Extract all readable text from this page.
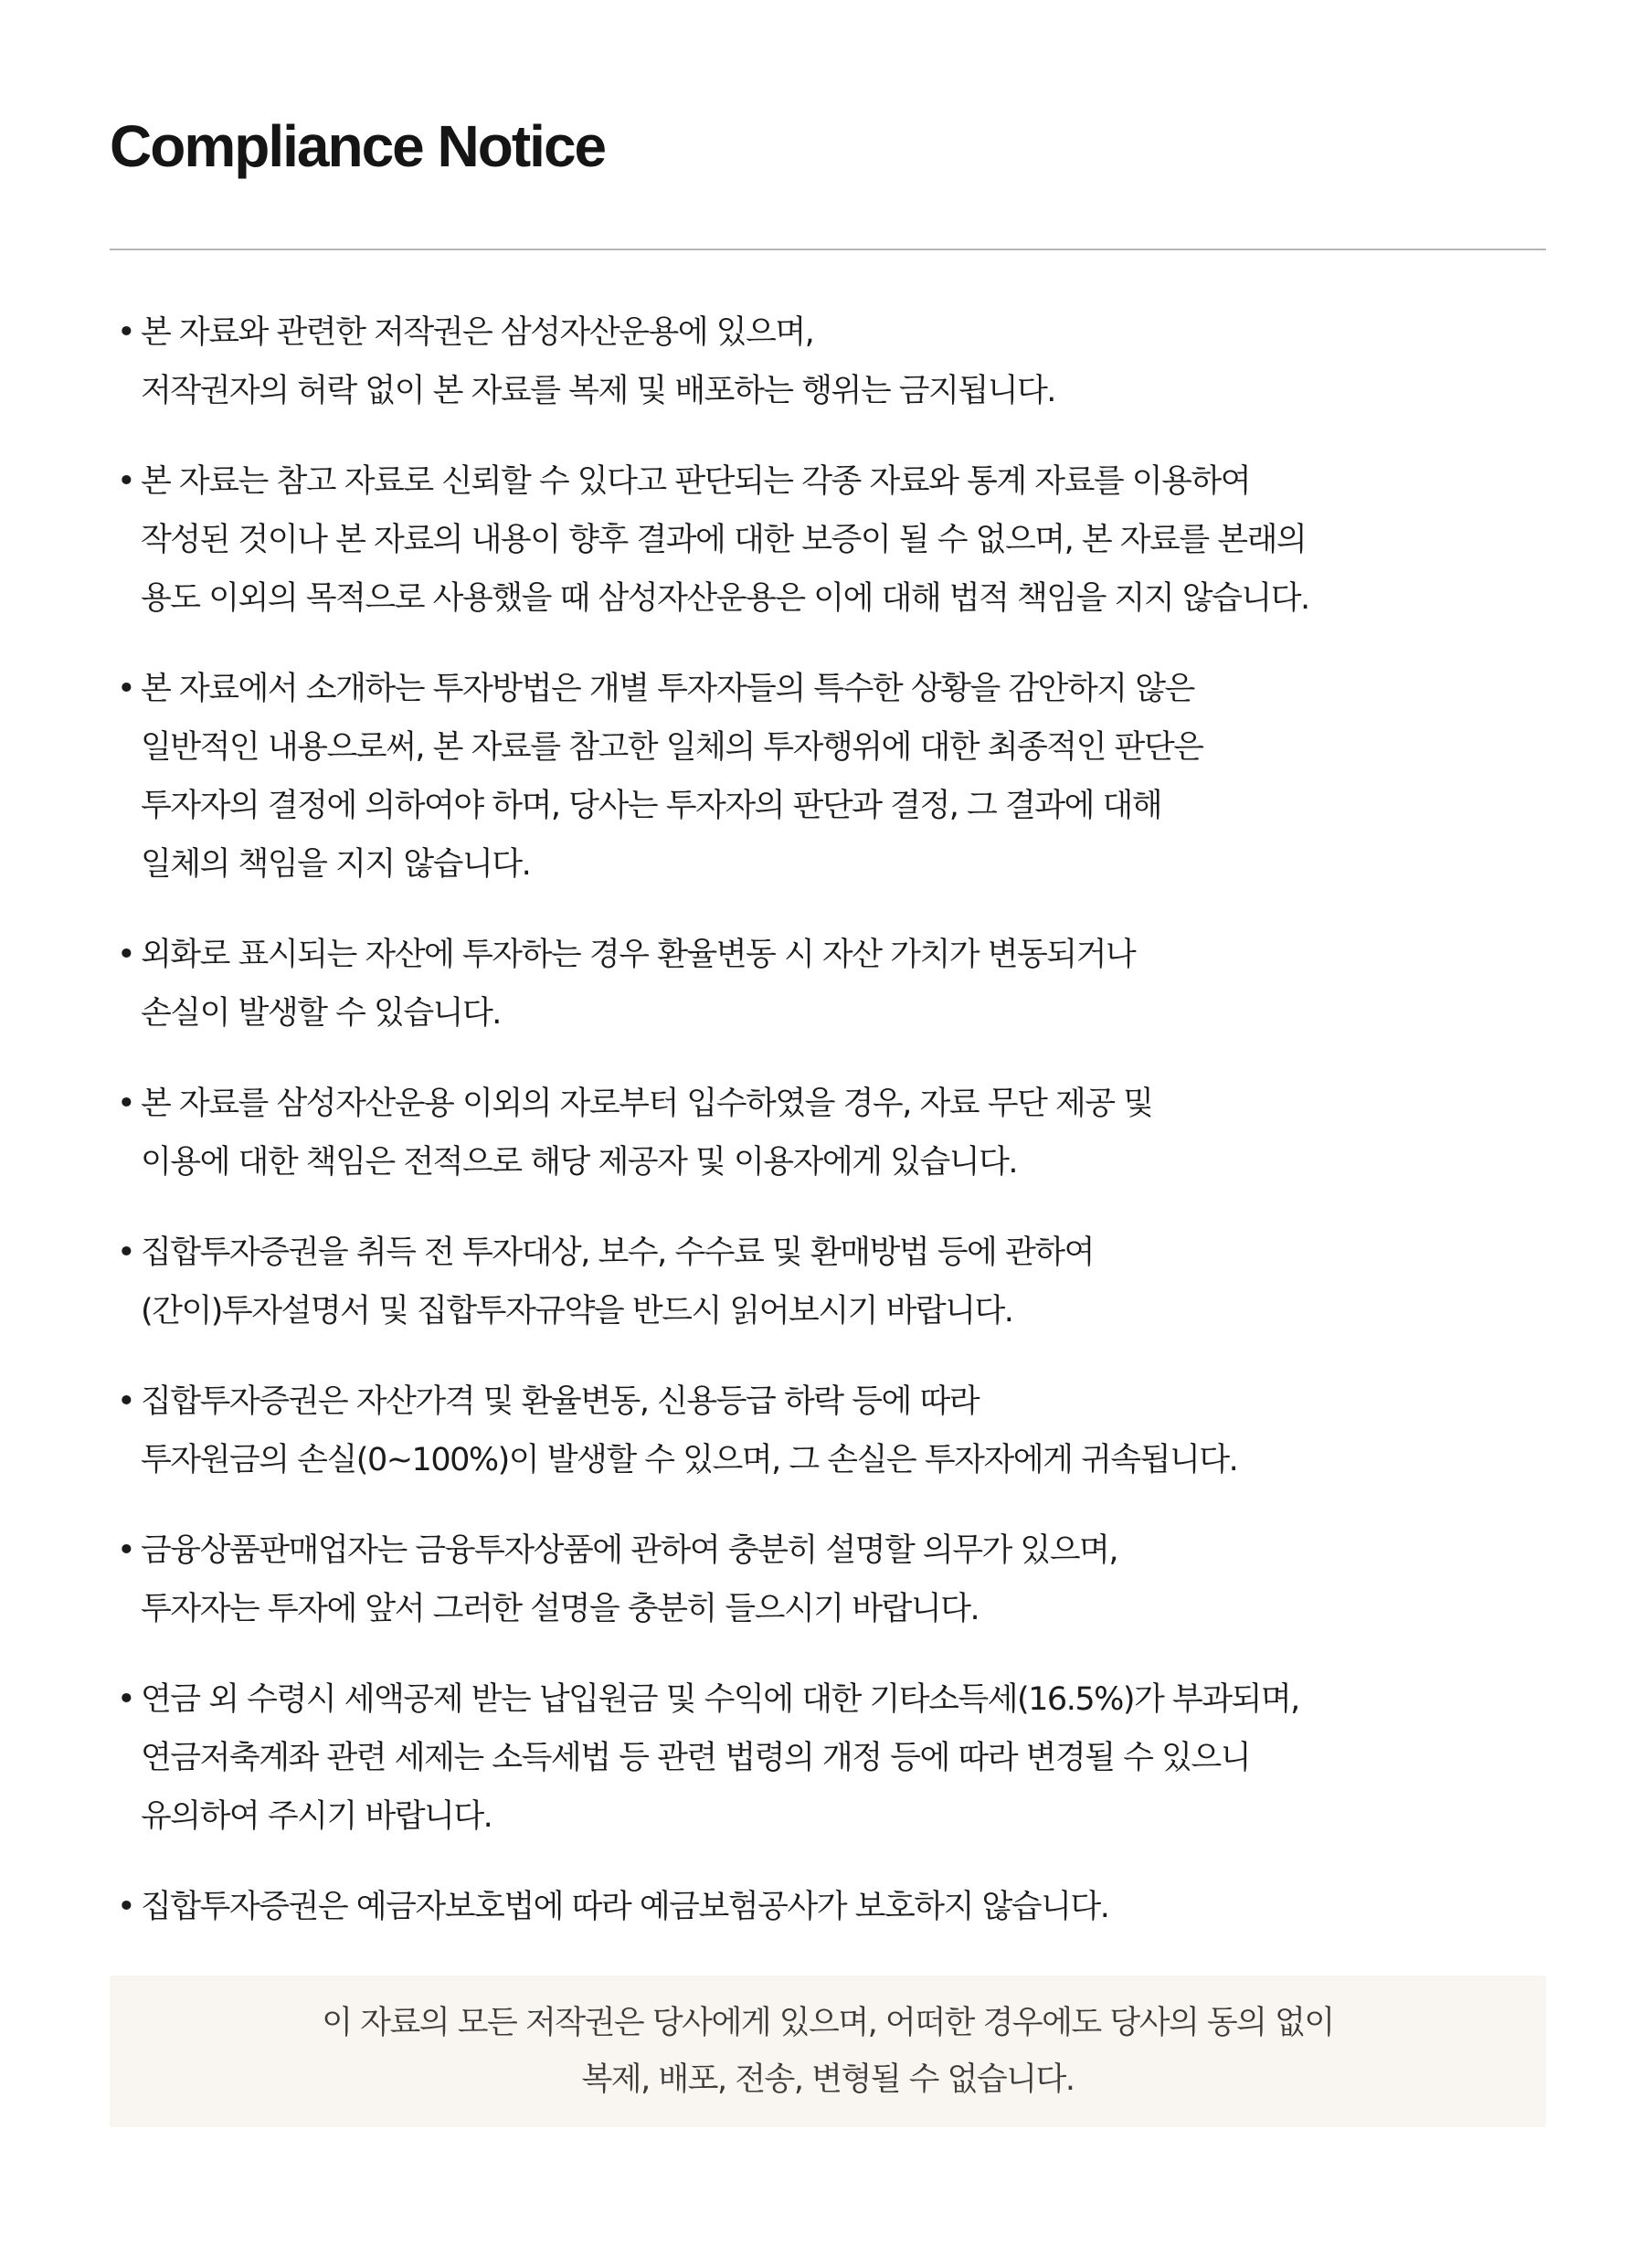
Compliance Notice
• 본 자료와 관련한 저작권은 삼성자산운용에 있으며,
저작권자의 허락 없이 본 자료를 복제 및 배포하는 행위는 금지됩니다.
• 본 자료는 참고 자료로 신뢰할 수 있다고 판단되는 각종 자료와 통계 자료를 이용하여
작성된 것이나 본 자료의 내용이 향후 결과에 대한 보증이 될 수 없으며, 본 자료를 본래의
용도 이외의 목적으로 사용했을 때 삼성자산운용은 이에 대해 법적 책임을 지지 않습니다.
• 본 자료에서 소개하는 투자방법은 개별 투자자들의 특수한 상황을 감안하지 않은
일반적인 내용으로써, 본 자료를 참고한 일체의 투자행위에 대한 최종적인 판단은
투자자의 결정에 의하여야 하며, 당사는 투자자의 판단과 결정, 그 결과에 대해
일체의 책임을 지지 않습니다.
• 외화로 표시되는 자산에 투자하는 경우 환율변동 시 자산 가치가 변동되거나
손실이 발생할 수 있습니다.
• 본 자료를 삼성자산운용 이외의 자로부터 입수하였을 경우, 자료 무단 제공 및
이용에 대한 책임은 전적으로 해당 제공자 및 이용자에게 있습니다.
• 집합투자증권을 취득 전 투자대상, 보수, 수수료 및 환매방법 등에 관하여
(간이)투자설명서 및 집합투자규약을 반드시 읽어보시기 바랍니다.
• 집합투자증권은 자산가격 및 환율변동, 신용등급 하락 등에 따라
투자원금의 손실(0~100%)이 발생할 수 있으며, 그 손실은 투자자에게 귀속됩니다.
• 금융상품판매업자는 금융투자상품에 관하여 충분히 설명할 의무가 있으며,
투자자는 투자에 앞서 그러한 설명을 충분히 들으시기 바랍니다.
• 연금 외 수령시 세액공제 받는 납입원금 및 수익에 대한 기타소득세(16.5%)가 부과되며,
연금저축계좌 관련 세제는 소득세법 등 관련 법령의 개정 등에 따라 변경될 수 있으니
유의하여 주시기 바랍니다.
• 집합투자증권은 예금자보호법에 따라 예금보험공사가 보호하지 않습니다.
이 자료의 모든 저작권은 당사에게 있으며, 어떠한 경우에도 당사의 동의 없이
복제, 배포, 전송, 변형될 수 없습니다.
